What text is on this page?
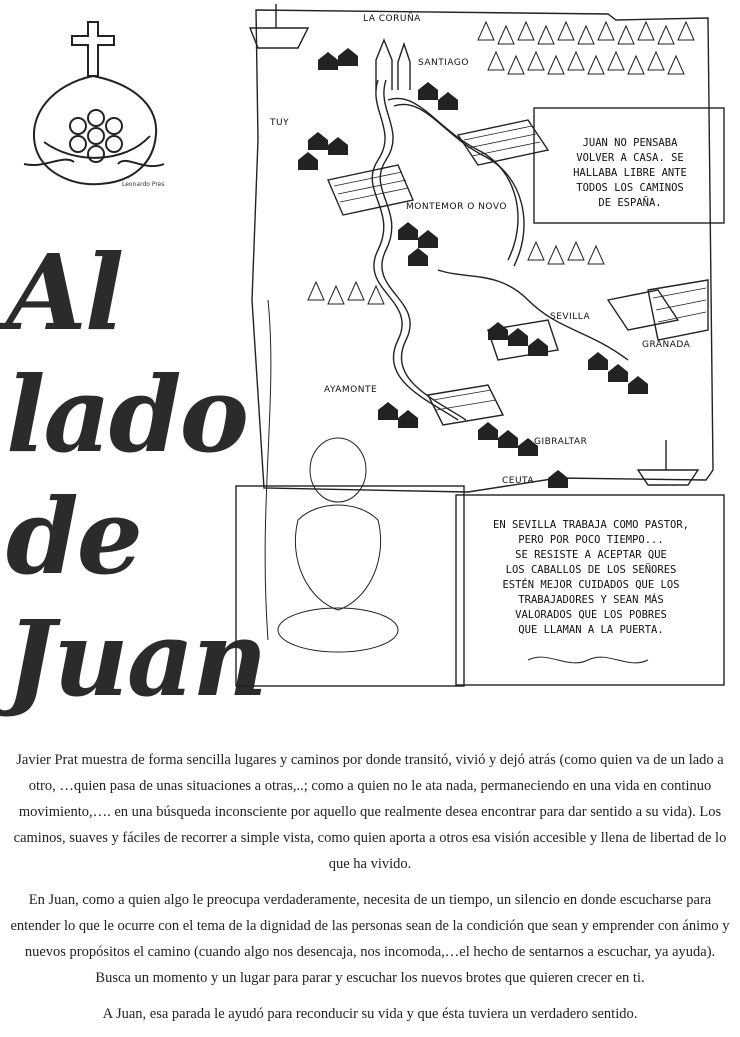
Leonardo Pres
Al
lado
de
Juan
LA CORUÑA
SANTIAGO
TUY
MONTEMOR O NOVO
SEVILLA
GRANADA
AYAMONTE
GIBRALTAR
CEUTA
JUAN NO PENSABA
VOLVER A CASA. SE
HALLABA LIBRE ANTE
TODOS LOS CAMINOS
DE ESPAÑA.
EN SEVILLA TRABAJA COMO PASTOR,
PERO POR POCO TIEMPO...
SE RESISTE A ACEPTAR QUE
LOS CABALLOS DE LOS SEÑORES
ESTÉN MEJOR CUIDADOS QUE LOS
TRABAJADORES Y SEAN MÁS
VALORADOS QUE LOS POBRES
QUE LLAMAN A LA PUERTA.

Javier Prat muestra de forma sencilla lugares y caminos por donde transitó, vivió y dejó atrás (como quien va de un lado a otro, …quien pasa de unas situaciones a otras,..; como a quien no le ata nada, permaneciendo en una vida en continuo movimiento,…. en una búsqueda inconsciente por aquello que realmente desea encontrar para dar sentido a su vida). Los caminos, suaves y fáciles de recorrer a simple vista, como quien aporta a otros esa visión accesible y llena de libertad de lo que ha vivido.

En Juan, como a quien algo le preocupa verdaderamente, necesita de un tiempo, un silencio en donde escucharse para entender lo que le ocurre con el tema de la dignidad de las personas sean de la condición que sean y emprender con ánimo y nuevos propósitos el camino (cuando algo nos desencaja, nos incomoda,…el hecho de sentarnos a escuchar, ya ayuda). Busca un momento y un lugar para parar y escuchar los nuevos brotes que quieren crecer en ti.

A Juan, esa parada le ayudó para reconducir su vida y que ésta tuviera un verdadero sentido.
